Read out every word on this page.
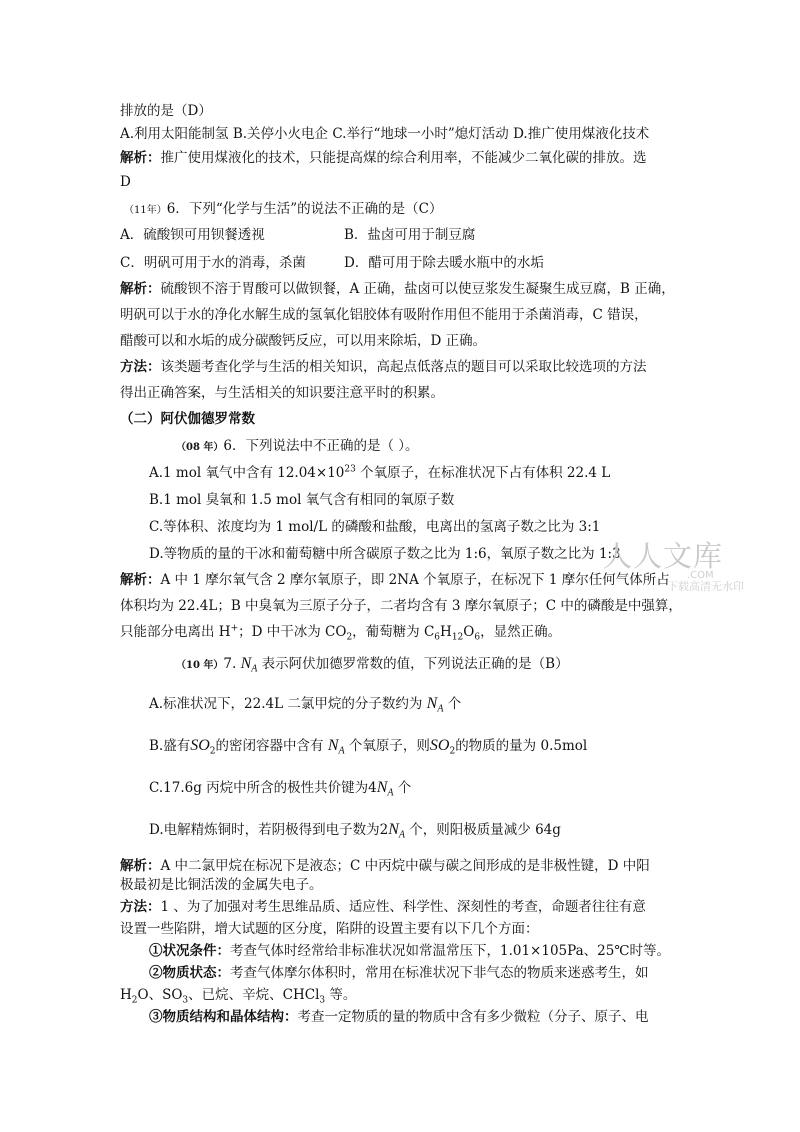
排放的是（D）
A.利用太阳能制氢 B.关停小火电企 C.举行“地球一小时”熄灯活动 D.推广使用煤液化技术
解析：推广使用煤液化的技术，只能提高煤的综合利用率，不能减少二氧化碳的排放。选
D
（11年）6．下列“化学与生活”的说法不正确的是（C）
A．硫酸钡可用钡餐透视	B．盐卤可用于制豆腐
C．明矾可用于水的消毒，杀菌	D．醋可用于除去暖水瓶中的水垢
解析：硫酸钡不溶于胃酸可以做钡餐，A 正确，盐卤可以使豆浆发生凝聚生成豆腐，B 正确，
明矾可以于水的净化水解生成的氢氧化铝胶体有吸附作用但不能用于杀菌消毒，C 错误，
醋酸可以和水垢的成分碳酸钙反应，可以用来除垢，D 正确。
方法：该类题考查化学与生活的相关知识，高起点低落点的题目可以采取比较选项的方法
得出正确答案，与生活相关的知识要注意平时的积累。
（二）阿伏伽德罗常数
（08 年）6．下列说法中不正确的是（ ）。
A.1 mol 氧气中含有 $12.04\times 10^{23}$ 个氧原子，在标准状况下占有体积 22.4 L
B.1 mol 臭氧和 1.5 mol 氧气含有相同的氧原子数
C.等体积、浓度均为 1 mol/L 的磷酸和盐酸，电离出的氢离子数之比为 3:1
D.等物质的量的干冰和葡萄糖中所含碳原子数之比为 1:6，氧原子数之比为 1:3
解析：A 中 1 摩尔氧气含 2 摩尔氧原子，即 2NA 个氧原子，在标况下 1 摩尔任何气体所占
体积均为 22.4L；B 中臭氧为三原子分子，二者均含有 3 摩尔氧原子；C 中的磷酸是中强算，
只能部分电离出 H+；D 中干冰为 $CO_2$，葡萄糖为 $C_6H_{12}O_6$，显然正确。
（10 年）7. $N_A$ 表示阿伏加德罗常数的值，下列说法正确的是（B）
A.标准状况下，22.4L 二氯甲烷的分子数约为 $N_A$ 个
B.盛有$SO_2$的密闭容器中含有 $N_A$ 个氧原子，则$SO_2$的物质的量为 0.5mol
C.17.6g 丙烷中所含的极性共价键为$4N_A$ 个
D.电解精炼铜时，若阴极得到电子数为$2N_A$ 个，则阳极质量减少 64g
解析：A 中二氯甲烷在标况下是液态；C 中丙烷中碳与碳之间形成的是非极性键，D 中阳
极最初是比铜活泼的金属失电子。
方法：1 、为了加强对考生思维品质、适应性、科学性、深刻性的考查，命题者往往有意
设置一些陷阱，增大试题的区分度，陷阱的设置主要有以下几个方面：
①状况条件：考查气体时经常给非标准状况如常温常压下，1.01×105Pa、25℃时等。
②物质状态：考查气体摩尔体积时，常用在标准状况下非气态的物质来迷惑考生，如
$H_2O$、$SO_3$、已烷、辛烷、CHCl$_3$ 等。
③物质结构和晶体结构：考查一定物质的量的物质中含有多少微粒（分子、原子、电
人人文库
.COM
下载高清无水印
